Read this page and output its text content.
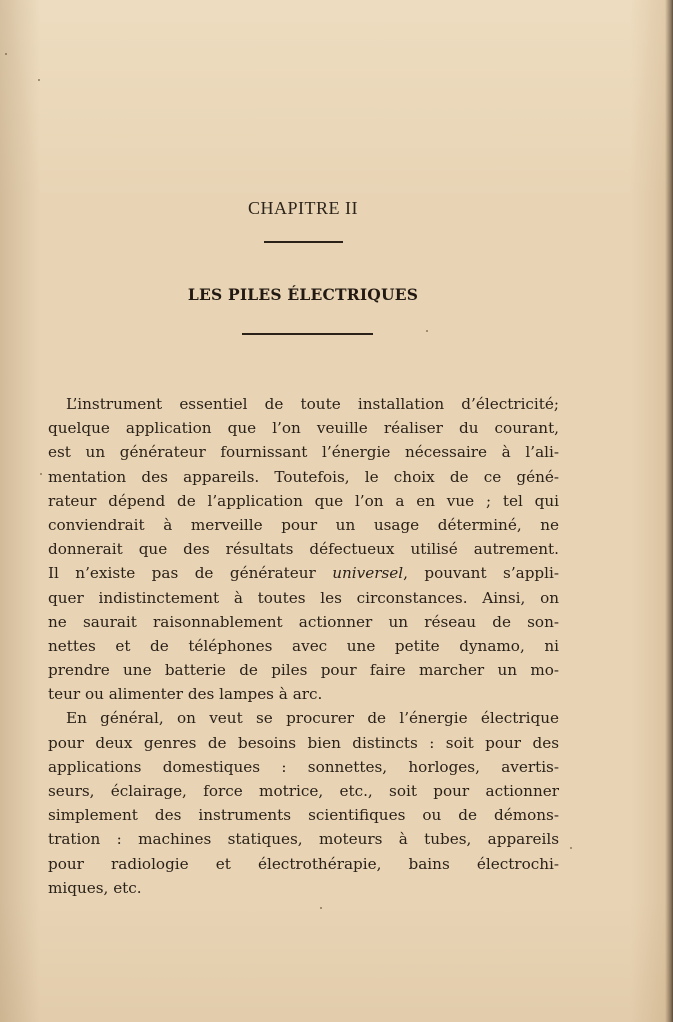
CHAPITRE II
LES PILES ÉLECTRIQUES
L’instrument essentiel de toute installation d’électricité;
quelque application que l’on veuille réaliser du courant,
est un générateur fournissant l’énergie nécessaire à l’ali-
mentation des appareils. Toutefois, le choix de ce géné-
rateur dépend de l’application que l’on a en vue ; tel qui
conviendrait à merveille pour un usage déterminé, ne
donnerait que des résultats défectueux utilisé autrement.
Il n’existe pas de générateur universel, pouvant s’appli-
quer indistinctement à toutes les circonstances. Ainsi, on
ne saurait raisonnablement actionner un réseau de son-
nettes et de téléphones avec une petite dynamo, ni
prendre une batterie de piles pour faire marcher un mo-
teur ou alimenter des lampes à arc.
En général, on veut se procurer de l’énergie électrique
pour deux genres de besoins bien distincts : soit pour des
applications domestiques : sonnettes, horloges, avertis-
seurs, éclairage, force motrice, etc., soit pour actionner
simplement des instruments scientifiques ou de démons-
tration : machines statiques, moteurs à tubes, appareils
pour radiologie et électrothérapie, bains électrochi-
miques, etc.
